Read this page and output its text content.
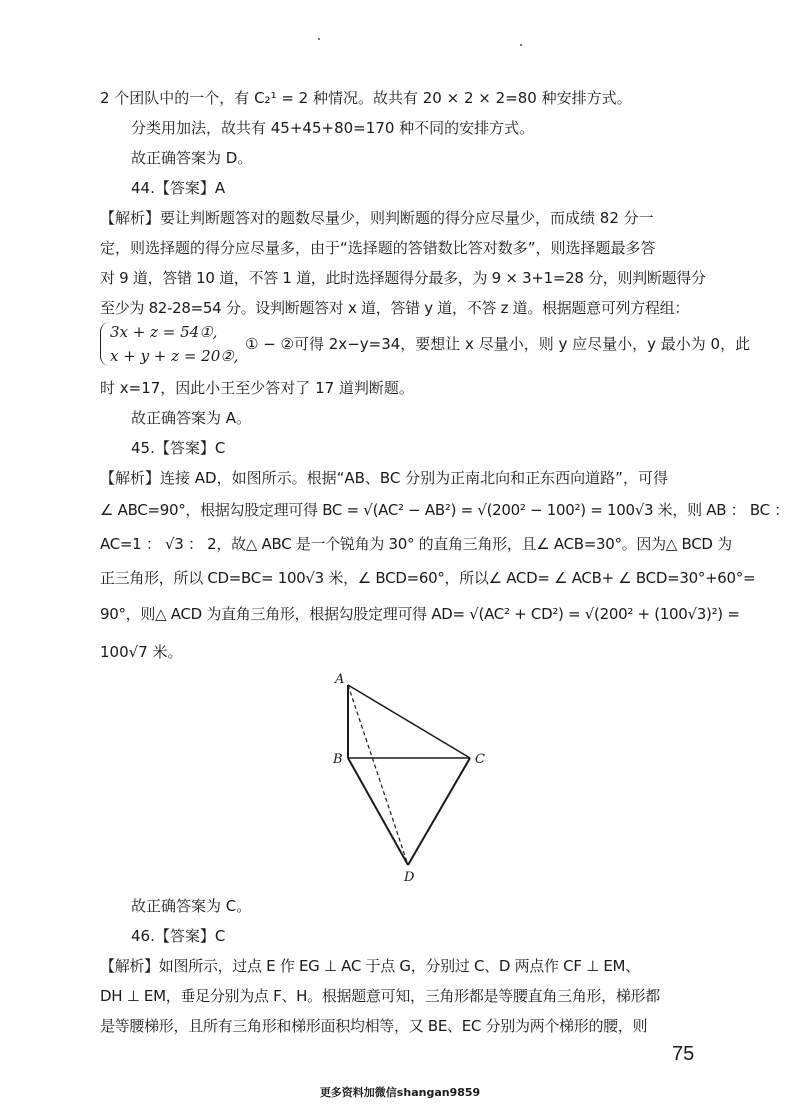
2 个团队中的一个，有 C₂¹ = 2 种情况。故共有 20 × 2 × 2=80 种安排方式。
分类用加法，故共有 45+45+80=170 种不同的安排方式。
故正确答案为 D。
44.【答案】A
【解析】要让判断题答对的题数尽量少，则判断题的得分应尽量少，而成绩 82 分一
定，则选择题的得分应尽量多，由于“选择题的答错数比答对数多”，则选择题最多答
对 9 道，答错 10 道，不答 1 道，此时选择题得分最多，为 9 × 3+1=28 分，则判断题得分
至少为 82-28=54 分。设判断题答对 x 道，答错 y 道，不答 z 道。根据题意可列方程组：
3x + z = 54①,
x + y + z = 20②,
① − ②可得 2x−y=34，要想让 x 尽量小，则 y 应尽量小，y 最小为 0，此
时 x=17，因此小王至少答对了 17 道判断题。
故正确答案为 A。
45.【答案】C
【解析】连接 AD，如图所示。根据“AB、BC 分别为正南北向和正东西向道路”，可得
∠ ABC=90°，根据勾股定理可得 BC = √(AC² − AB²) = √(200² − 100²) = 100√3 米，则 AB ： BC ：
AC=1 ： √3 ： 2，故△ ABC 是一个锐角为 30° 的直角三角形，且∠ ACB=30°。因为△ BCD 为
正三角形，所以 CD=BC= 100√3 米，∠ BCD=60°，所以∠ ACD= ∠ ACB+ ∠ BCD=30°+60°=
90°，则△ ACD 为直角三角形，根据勾股定理可得 AD= √(AC² + CD²) = √(200² + (100√3)²) =
100√7 米。
A
B	C
D
故正确答案为 C。
46.【答案】C
【解析】如图所示，过点 E 作 EG ⊥ AC 于点 G，分别过 C、D 两点作 CF ⊥ EM、
DH ⊥ EM，垂足分别为点 F、H。根据题意可知，三角形都是等腰直角三角形，梯形都
是等腰梯形，且所有三角形和梯形面积均相等，又 BE、EC 分别为两个梯形的腰，则
75
更多资料加微信shangan9859
